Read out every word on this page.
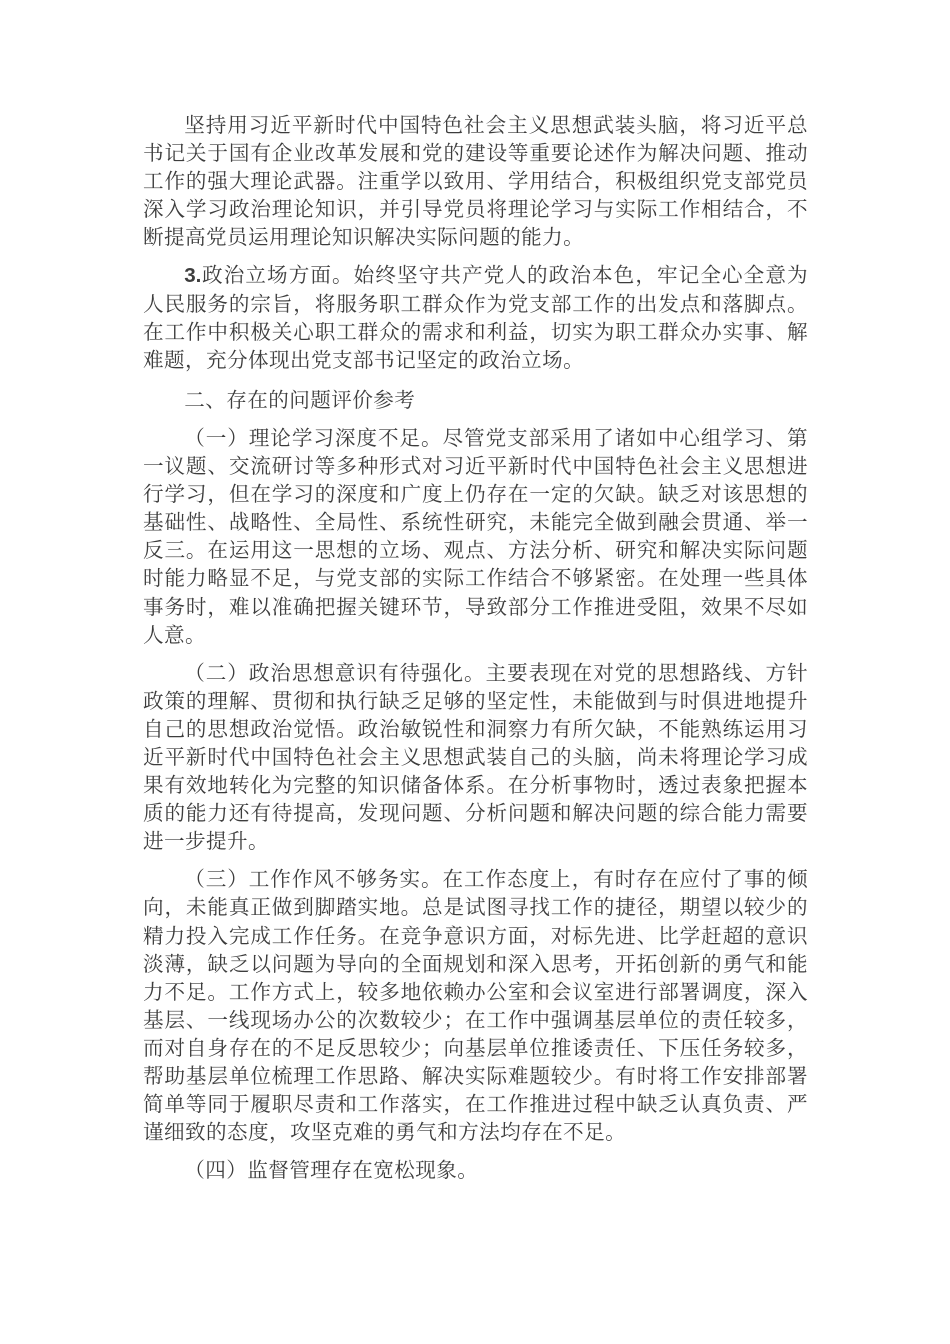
坚持用习近平新时代中国特色社会主义思想武装头脑，将习近平总书记关于国有企业改革发展和党的建设等重要论述作为解决问题、推动工作的强大理论武器。注重学以致用、学用结合，积极组织党支部党员深入学习政治理论知识，并引导党员将理论学习与实际工作相结合，不断提高党员运用理论知识解决实际问题的能力。

3.政治立场方面。始终坚守共产党人的政治本色，牢记全心全意为人民服务的宗旨，将服务职工群众作为党支部工作的出发点和落脚点。在工作中积极关心职工群众的需求和利益，切实为职工群众办实事、解难题，充分体现出党支部书记坚定的政治立场。

二、存在的问题评价参考

（一）理论学习深度不足。尽管党支部采用了诸如中心组学习、第一议题、交流研讨等多种形式对习近平新时代中国特色社会主义思想进行学习，但在学习的深度和广度上仍存在一定的欠缺。缺乏对该思想的基础性、战略性、全局性、系统性研究，未能完全做到融会贯通、举一反三。在运用这一思想的立场、观点、方法分析、研究和解决实际问题时能力略显不足，与党支部的实际工作结合不够紧密。在处理一些具体事务时，难以准确把握关键环节，导致部分工作推进受阻，效果不尽如人意。

（二）政治思想意识有待强化。主要表现在对党的思想路线、方针政策的理解、贯彻和执行缺乏足够的坚定性，未能做到与时俱进地提升自己的思想政治觉悟。政治敏锐性和洞察力有所欠缺，不能熟练运用习近平新时代中国特色社会主义思想武装自己的头脑，尚未将理论学习成果有效地转化为完整的知识储备体系。在分析事物时，透过表象把握本质的能力还有待提高，发现问题、分析问题和解决问题的综合能力需要进一步提升。

（三）工作作风不够务实。在工作态度上，有时存在应付了事的倾向，未能真正做到脚踏实地。总是试图寻找工作的捷径，期望以较少的精力投入完成工作任务。在竞争意识方面，对标先进、比学赶超的意识淡薄，缺乏以问题为导向的全面规划和深入思考，开拓创新的勇气和能力不足。工作方式上，较多地依赖办公室和会议室进行部署调度，深入基层、一线现场办公的次数较少；在工作中强调基层单位的责任较多，而对自身存在的不足反思较少；向基层单位推诿责任、下压任务较多，帮助基层单位梳理工作思路、解决实际难题较少。有时将工作安排部署简单等同于履职尽责和工作落实，在工作推进过程中缺乏认真负责、严谨细致的态度，攻坚克难的勇气和方法均存在不足。

（四）监督管理存在宽松现象。
